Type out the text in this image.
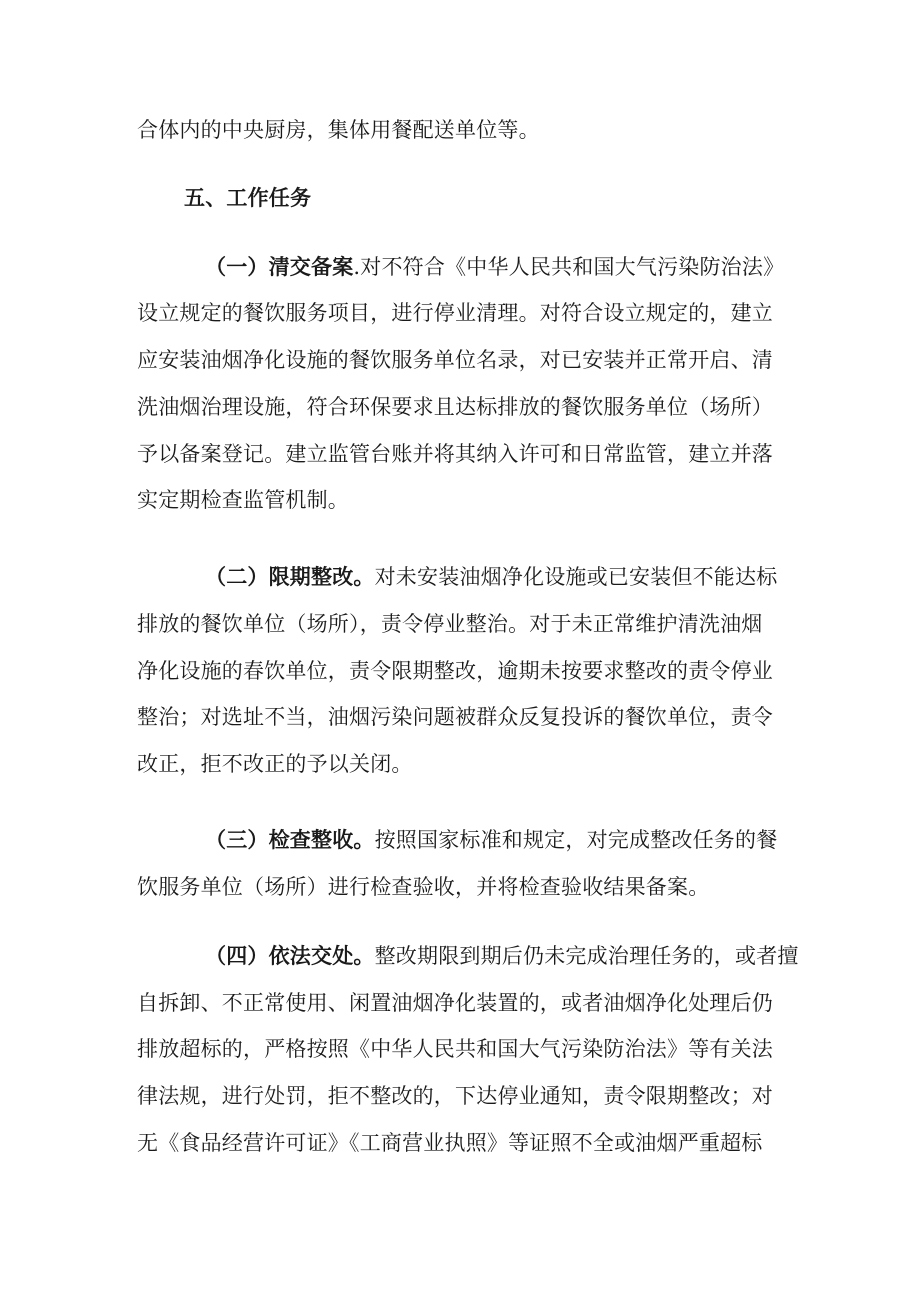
合体内的中央厨房，集体用餐配送单位等。
五、工作任务
（一）清交备案.对不符合《中华人民共和国大气污染防治法》
设立规定的餐饮服务项目，进行停业清理。对符合设立规定的，建立
应安装油烟净化设施的餐饮服务单位名录，对已安装并正常开启、清
洗油烟治理设施，符合环保要求且达标排放的餐饮服务单位（场所）
予以备案登记。建立监管台账并将其纳入许可和日常监管，建立并落
实定期检查监管机制。
（二）限期整改。对未安装油烟净化设施或已安装但不能达标
排放的餐饮单位（场所），责令停业整治。对于未正常维护清洗油烟
净化设施的春饮单位，责令限期整改，逾期未按要求整改的责令停业
整治；对选址不当，油烟污染问题被群众反复投诉的餐饮单位，责令
改正，拒不改正的予以关闭。
（三）检查整收。按照国家标准和规定，对完成整改任务的餐
饮服务单位（场所）进行检查验收，并将检查验收结果备案。
（四）依法交处。整改期限到期后仍未完成治理任务的，或者擅
自拆卸、不正常使用、闲置油烟净化装置的，或者油烟净化处理后仍
排放超标的，严格按照《中华人民共和国大气污染防治法》等有关法
律法规，进行处罚，拒不整改的，下达停业通知，责令限期整改；对
无《食品经营许可证》《工商营业执照》等证照不全或油烟严重超标
